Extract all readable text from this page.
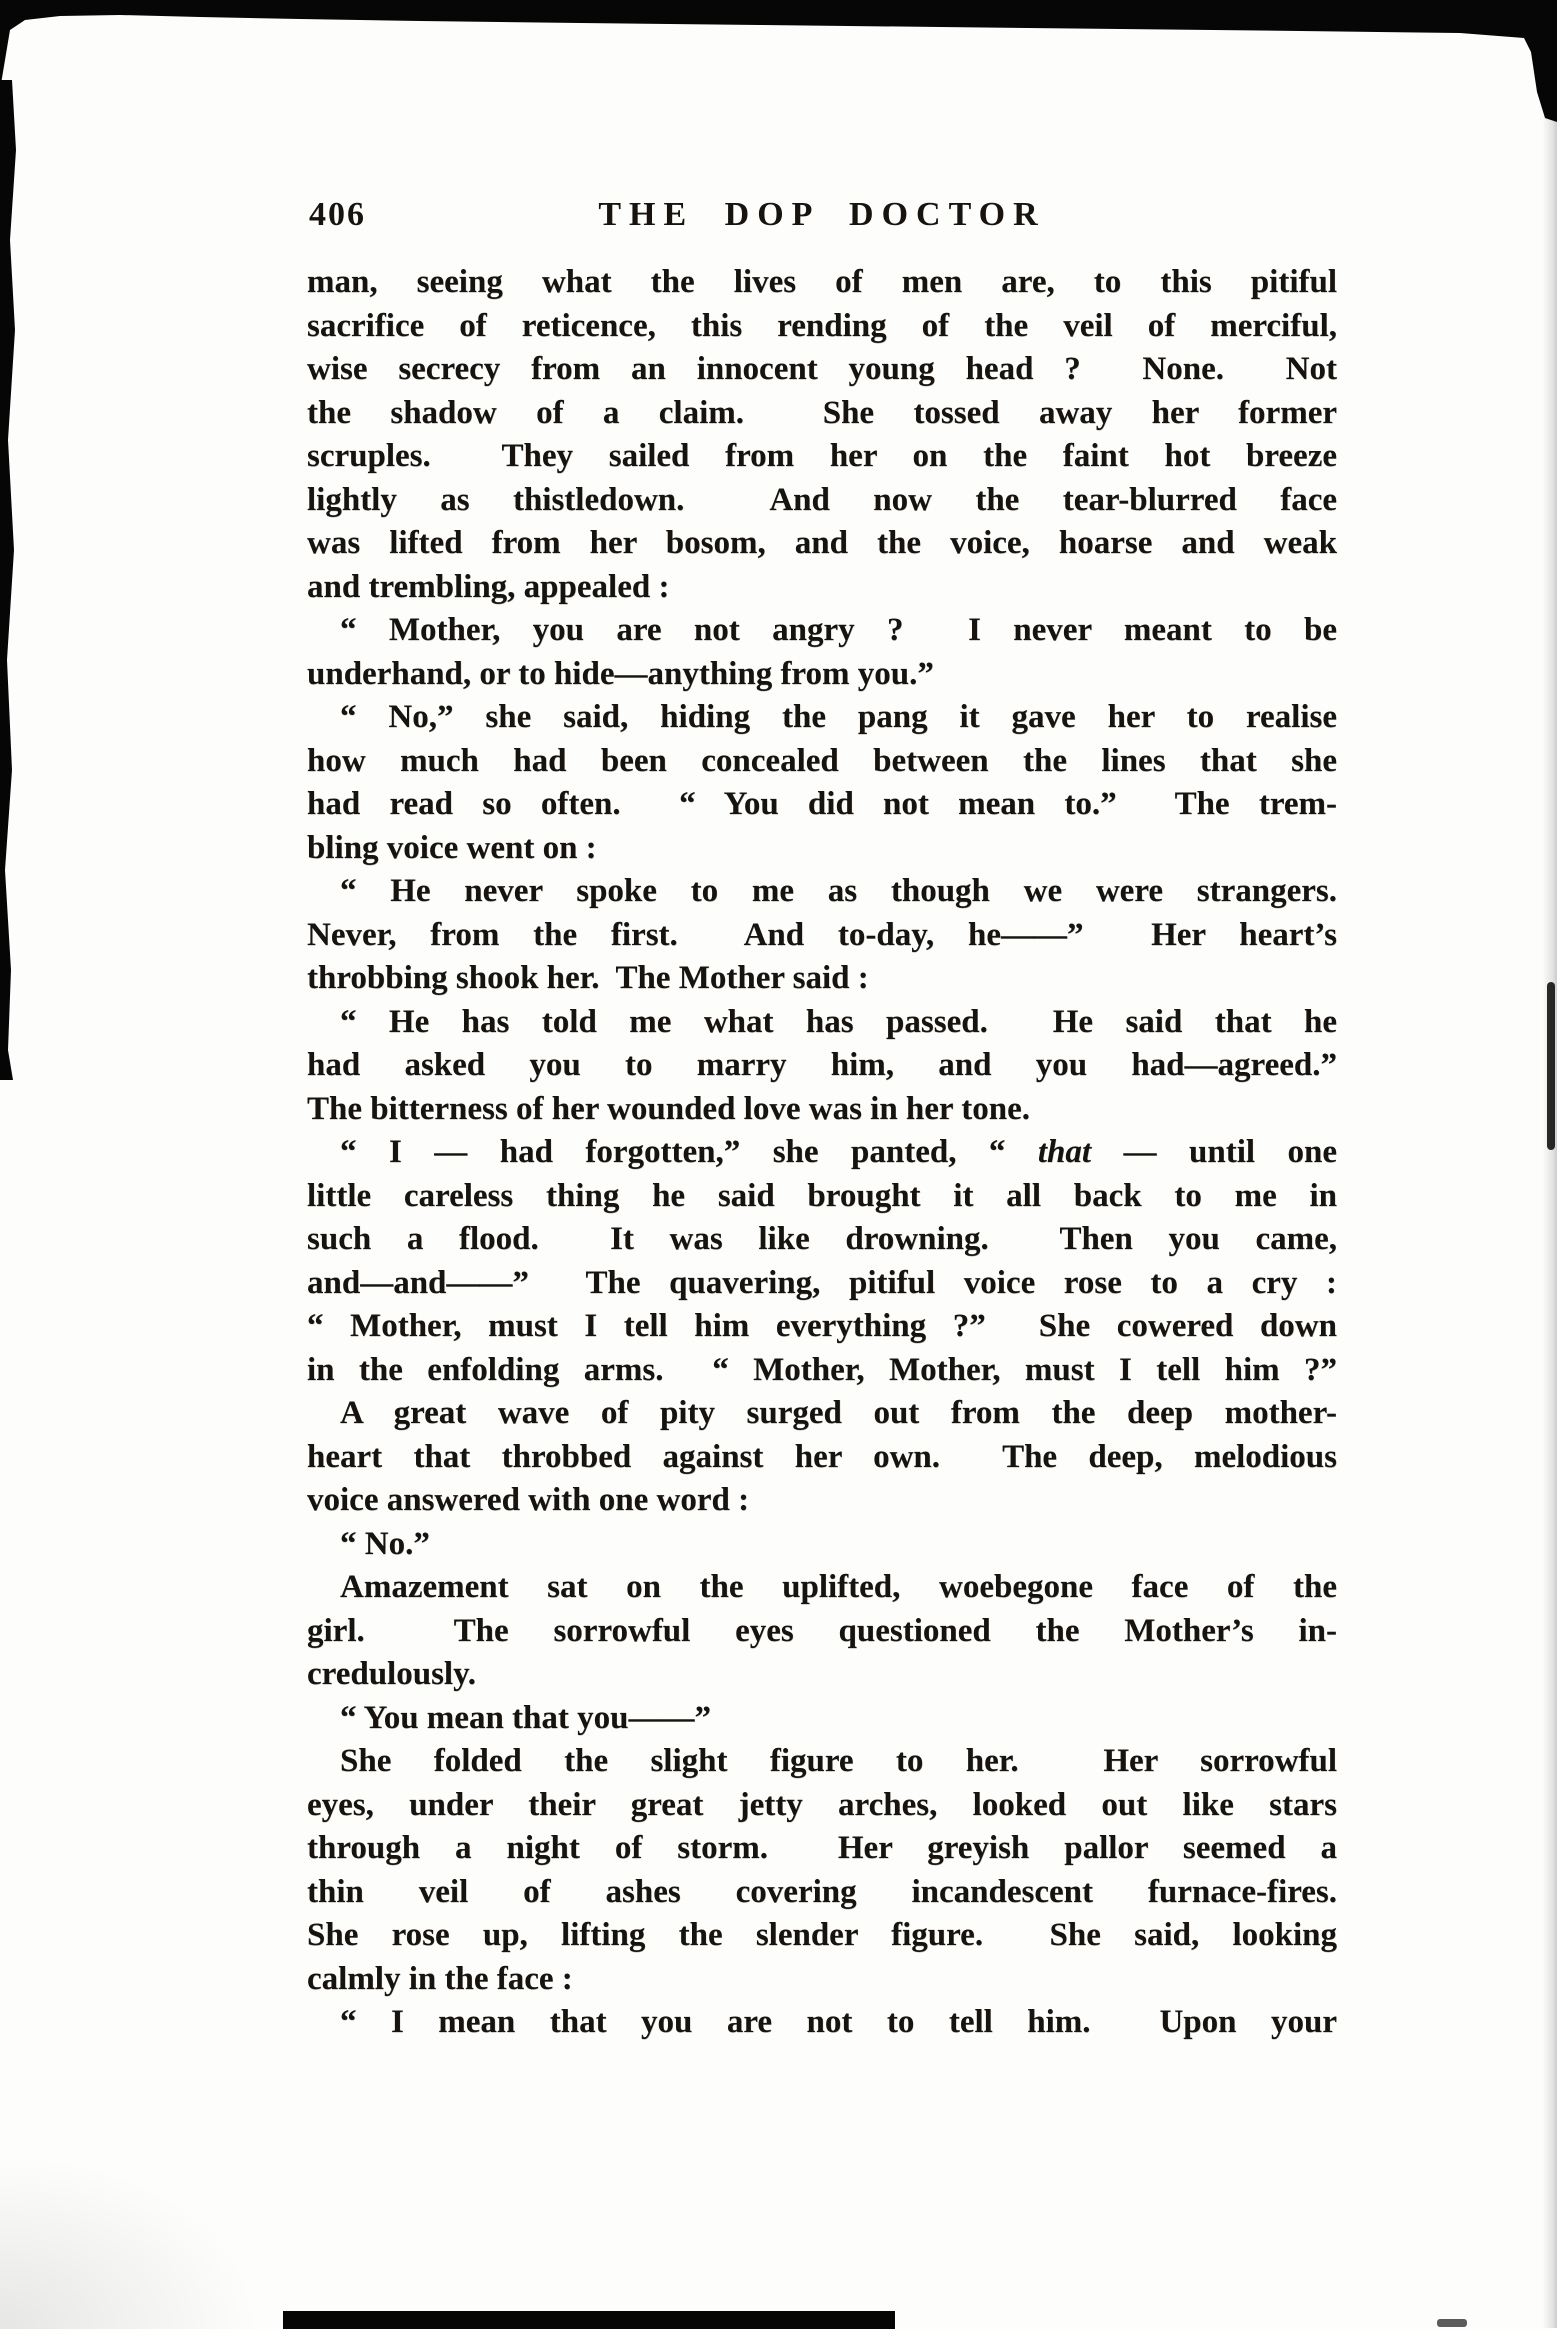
406	THE DOP DOCTOR
man, seeing what the lives of men are, to this pitiful
sacrifice of reticence, this rending of the veil of merciful,
wise secrecy from an innocent young head ?  None.  Not
the shadow of a claim.  She tossed away her former
scruples.  They sailed from her on the faint hot breeze
lightly as thistledown.  And now the tear-blurred face
was lifted from her bosom, and the voice, hoarse and weak
and trembling, appealed :
“ Mother, you are not angry ?  I never meant to be
underhand, or to hide—anything from you.”
“ No,” she said, hiding the pang it gave her to realise
how much had been concealed between the lines that she
had read so often.  “ You did not mean to.”  The trem-
bling voice went on :
“ He never spoke to me as though we were strangers.
Never, from the first.  And to-day, he——”  Her heart’s
throbbing shook her.  The Mother said :
“ He has told me what has passed.  He said that he
had asked you to marry him, and you had—agreed.”
The bitterness of her wounded love was in her tone.
“ I — had forgotten,” she panted, “ that — until one
little careless thing he said brought it all back to me in
such a flood.  It was like drowning.  Then you came,
and—and——”  The quavering, pitiful voice rose to a cry :
“ Mother, must I tell him everything ?”  She cowered down
in the enfolding arms.  “ Mother, Mother, must I tell him ?”
A great wave of pity surged out from the deep mother-
heart that throbbed against her own.  The deep, melodious
voice answered with one word :
“ No.”
Amazement sat on the uplifted, woebegone face of the
girl.  The sorrowful eyes questioned the Mother’s in-
credulously.
“ You mean that you——”
She folded the slight figure to her.  Her sorrowful
eyes, under their great jetty arches, looked out like stars
through a night of storm.  Her greyish pallor seemed a
thin veil of ashes covering incandescent furnace-fires.
She rose up, lifting the slender figure.  She said, looking
calmly in the face :
“ I mean that you are not to tell him.  Upon your
